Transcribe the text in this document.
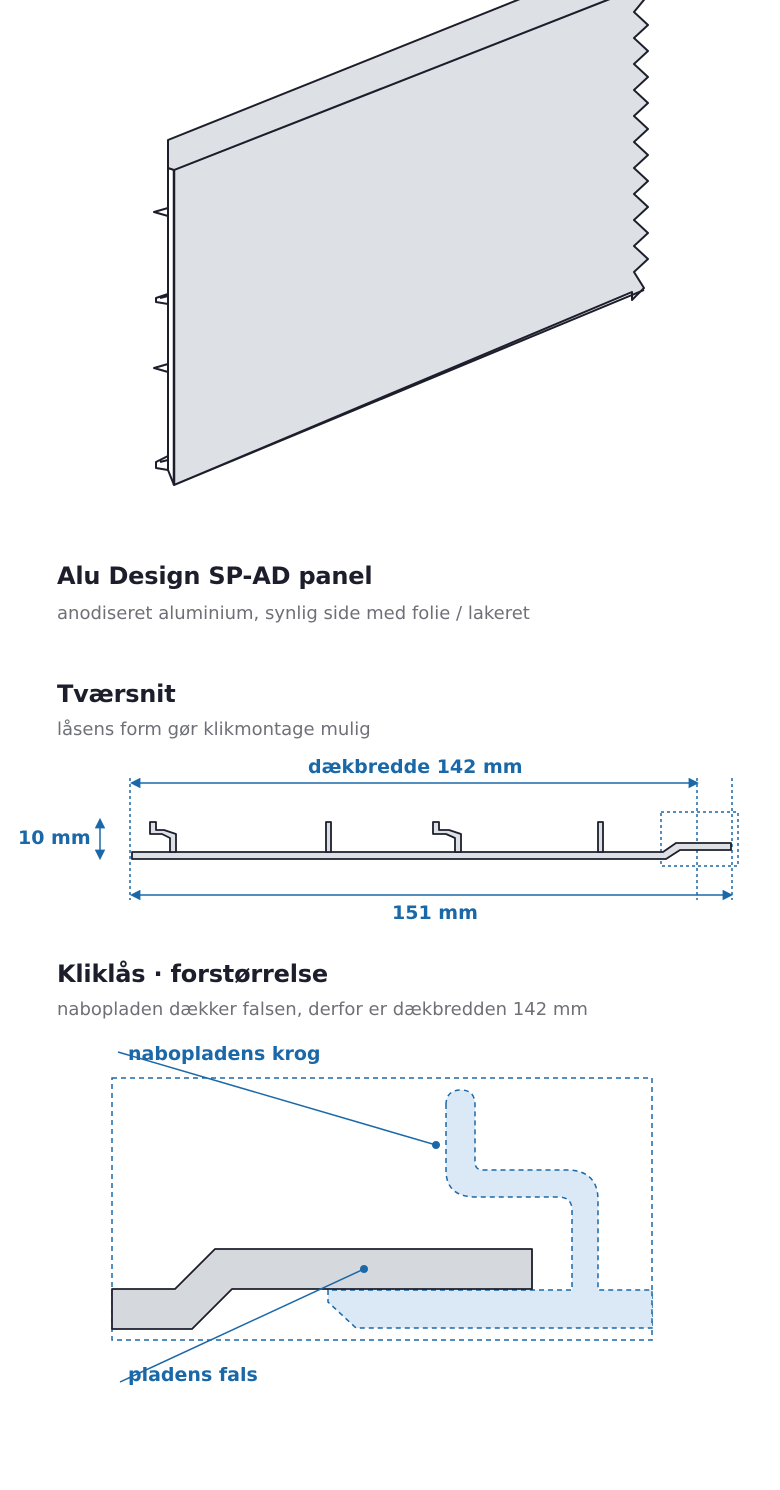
Alu Design SP-AD panel

anodiseret aluminium, synlig side med folie / lakeret

Tværsnit

låsens form gør klikmontage mulig

dækbredde 142 mm
10 mm
151 mm
Kliklås · forstørrelse

nabopladen dækker falsen, derfor er dækbredden 142 mm

nabopladens krog
pladens fals
